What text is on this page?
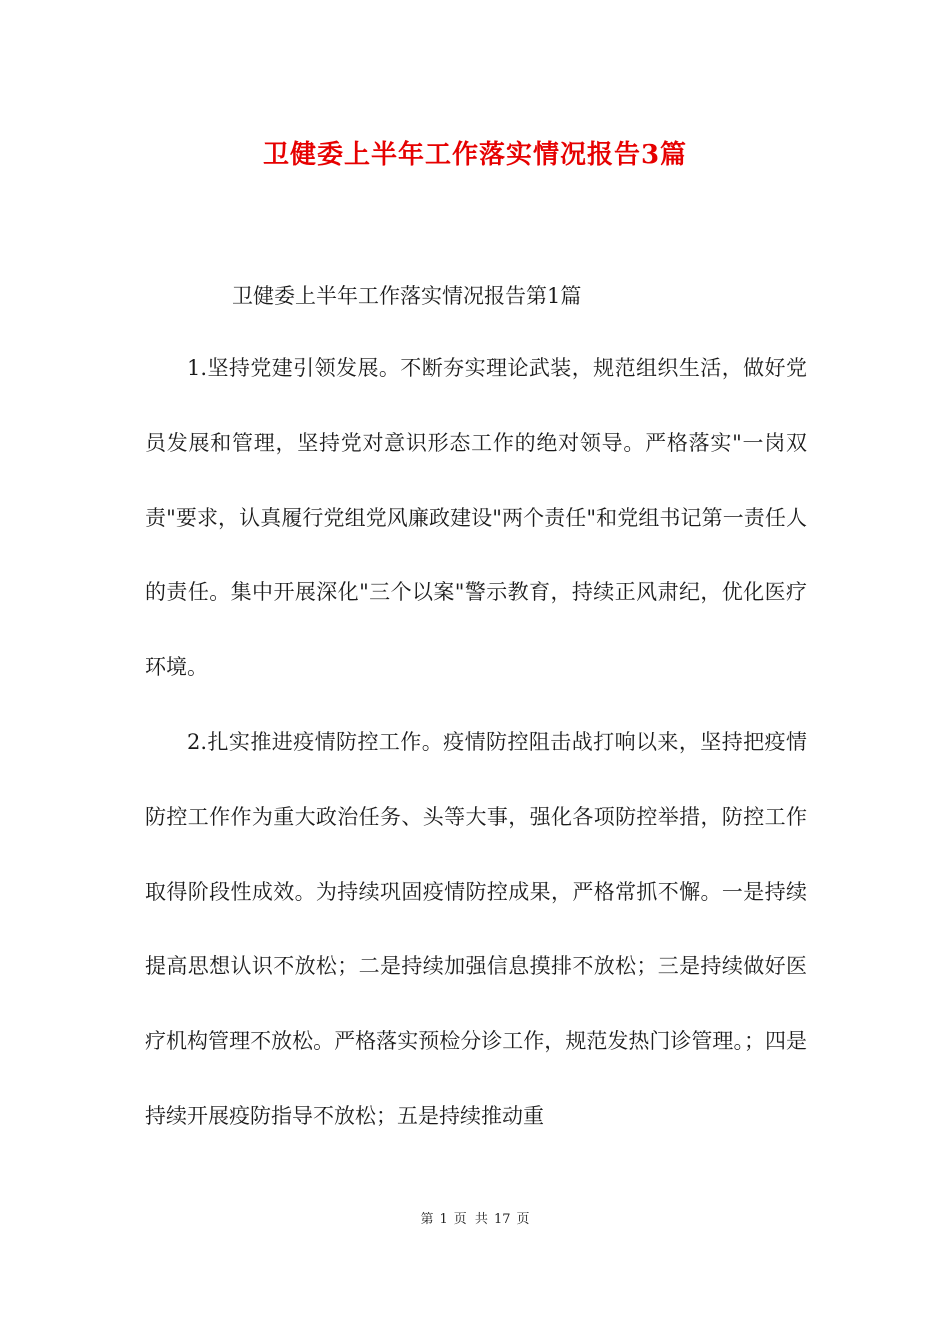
卫健委上半年工作落实情况报告3篇

卫健委上半年工作落实情况报告第1篇

1.坚持党建引领发展。不断夯实理论武装，规范组织生活，做好党员发展和管理，坚持党对意识形态工作的绝对领导。严格落实"一岗双责"要求，认真履行党组党风廉政建设"两个责任"和党组书记第一责任人的责任。集中开展深化"三个以案"警示教育，持续正风肃纪，优化医疗环境。

2.扎实推进疫情防控工作。疫情防控阻击战打响以来，坚持把疫情防控工作作为重大政治任务、头等大事，强化各项防控举措，防控工作取得阶段性成效。为持续巩固疫情防控成果，严格常抓不懈。一是持续提高思想认识不放松；二是持续加强信息摸排不放松；三是持续做好医疗机构管理不放松。严格落实预检分诊工作，规范发热门诊管理。；四是持续开展疫防指导不放松；五是持续推动重

第 1 页 共 17 页
